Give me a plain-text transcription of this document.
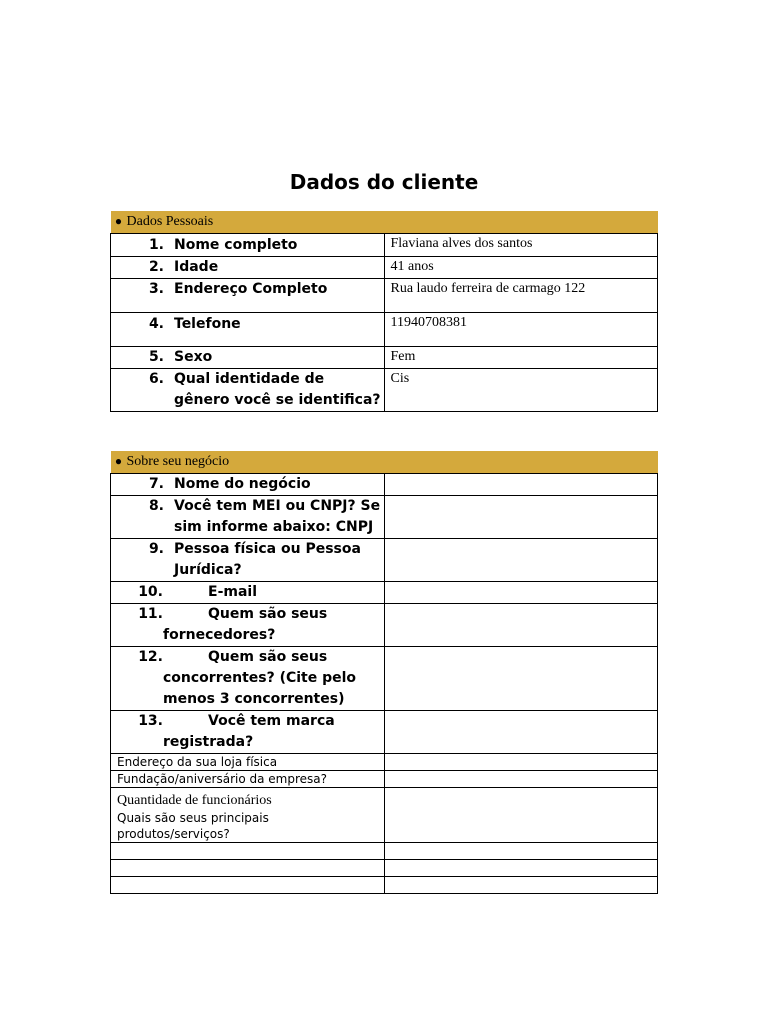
Dados do cliente
● Dados Pessoais	

1. Nome completo	Flaviana alves dos santos

2. Idade	41 anos

3. Endereço Completo	Rua laudo ferreira de carmago 122

4. Telefone	11940708381

5. Sexo	Fem

6. Qual identidade de gênero você se identifica?	Cis
● Sobre seu negócio	

7. Nome do negócio	

8. Você tem MEI ou CNPJ? Se sim informe abaixo: CNPJ	

9. Pessoa física ou Pessoa Jurídica?	

10. E-mail	

11. Quem são seus fornecedores?	

12. Quem são seus concorrentes? (Cite pelo menos 3 concorrentes)	

13. Você tem marca registrada?	

Endereço da sua loja física	

Fundação/aniversário da empresa?	

Quantidade de funcionários
Quais são seus principais produtos/serviços?	
